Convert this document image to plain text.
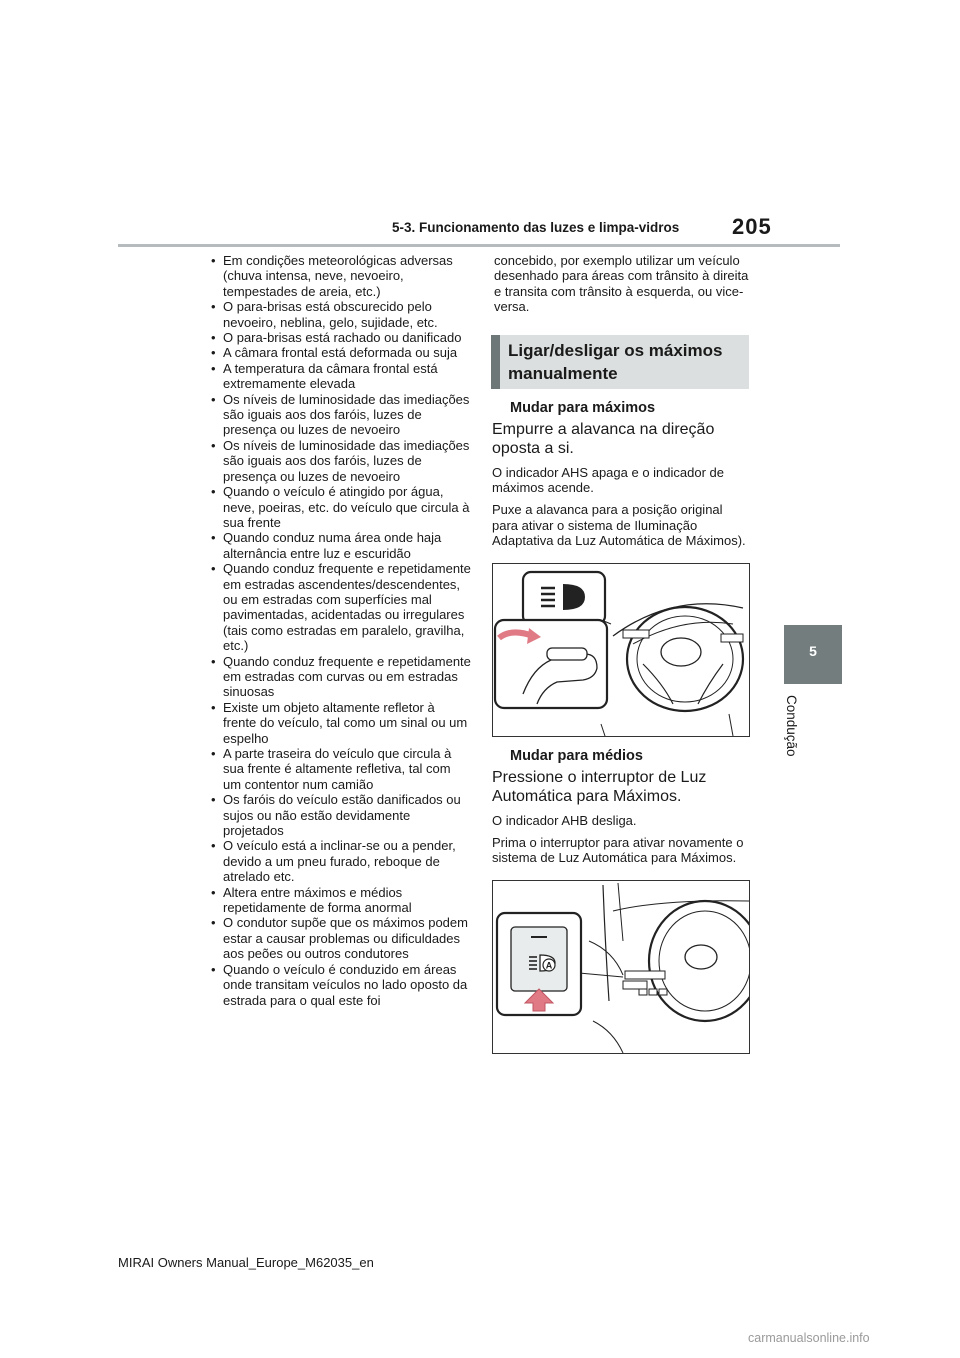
5-3. Funcionamento das luzes e limpa-vidros 205
5
Condução
• Em condições meteorológicas adversas (chuva intensa, neve, nevoeiro, tempestades de areia, etc.)
• O para-brisas está obscurecido pelo nevoeiro, neblina, gelo, sujidade, etc.
• O para-brisas está rachado ou danificado
• A câmara frontal está deformada ou suja
• A temperatura da câmara frontal está extremamente elevada
• Os níveis de luminosidade das imediações são iguais aos dos faróis, luzes de presença ou luzes de nevoeiro
• Os níveis de luminosidade das imediações são iguais aos dos faróis, luzes de presença ou luzes de nevoeiro
• Quando o veículo é atingido por água, neve, poeiras, etc. do veículo que circula à sua frente
• Quando conduz numa área onde haja alternância entre luz e escuridão
• Quando conduz frequente e repetidamente em estradas ascendentes/descendentes, ou em estradas com superfícies mal pavimentadas, acidentadas ou irregulares (tais como estradas em paralelo, gravilha, etc.)
• Quando conduz frequente e repetidamente em estradas com curvas ou em estradas sinuosas
• Existe um objeto altamente refletor à frente do veículo, tal como um sinal ou um espelho
• A parte traseira do veículo que circula à sua frente é altamente refletiva, tal com um contentor num camião
• Os faróis do veículo estão danificados ou sujos ou não estão devidamente projetados
• O veículo está a inclinar-se ou a pender, devido a um pneu furado, reboque de atrelado etc.
• Altera entre máximos e médios repetidamente de forma anormal
• O condutor supõe que os máximos podem estar a causar problemas ou dificuldades aos peões ou outros condutores
• Quando o veículo é conduzido em áreas onde transitam veículos no lado oposto da estrada para o qual este foi

concebido, por exemplo utilizar um veículo desenhado para áreas com trânsito à direita e transita com trânsito à esquerda, ou vice-versa.

Ligar/desligar os máximos manualmente
Mudar para máximos
Empurre a alavanca na direção oposta a si.

O indicador AHS apaga e o indicador de máximos acende.

Puxe a alavanca para a posição original para ativar o sistema de Iluminação Adaptativa da Luz Automática de Máximos).

Mudar para médios
Pressione o interruptor de Luz Automática para Máximos.

O indicador AHB desliga.

Prima o interruptor para ativar novamente o sistema de Luz Automática para Máximos.

A
MIRAI Owners Manual_Europe_M62035_en
carmanualsonline.info
